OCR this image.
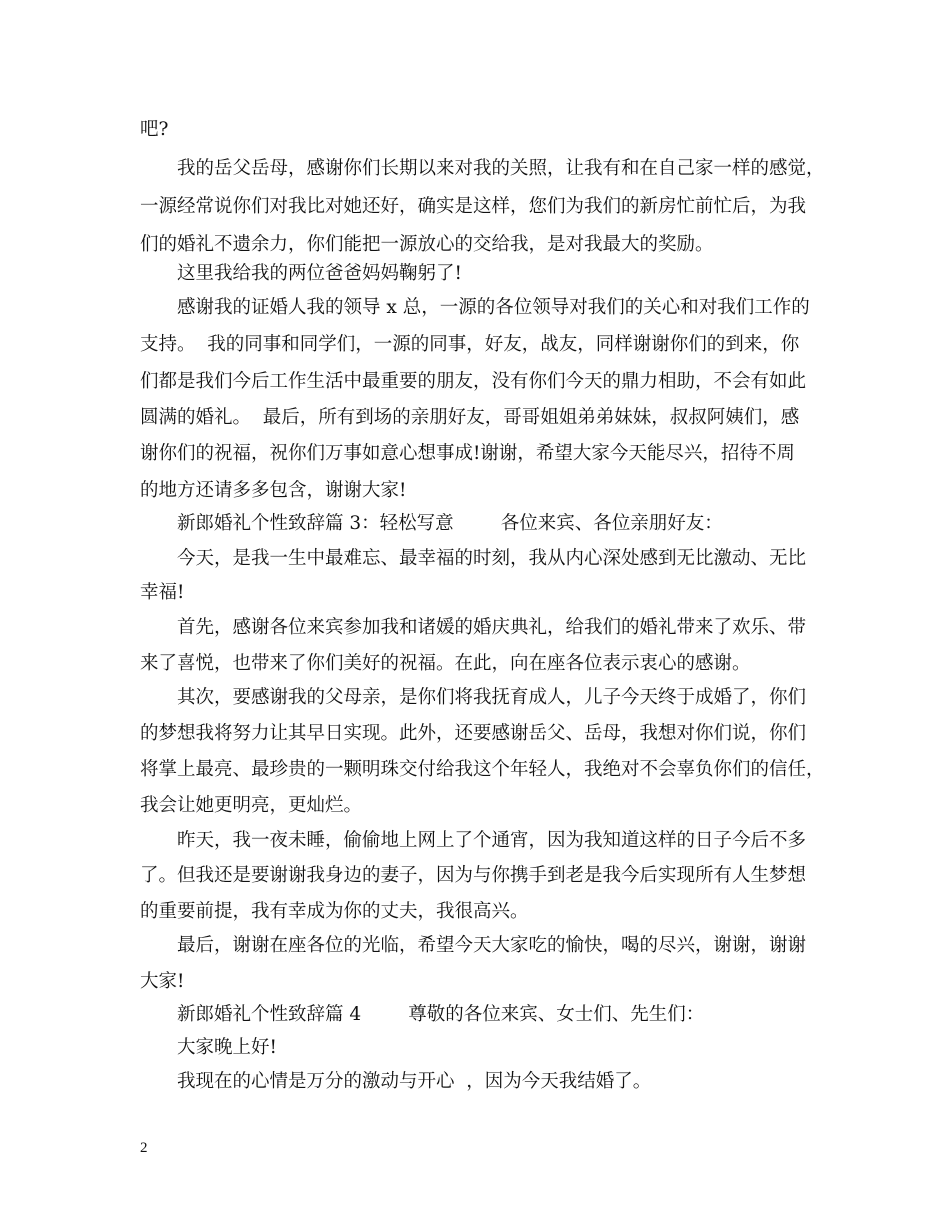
吧?
我的岳父岳母，感谢你们长期以来对我的关照，让我有和在自己家一样的感觉，
一源经常说你们对我比对她还好，确实是这样，您们为我们的新房忙前忙后，为我
们的婚礼不遗余力，你们能把一源放心的交给我，是对我最大的奖励。
这里我给我的两位爸爸妈妈鞠躬了!
感谢我的证婚人我的领导 x 总，一源的各位领导对我们的关心和对我们工作的
支持。  我的同事和同学们，一源的同事，好友，战友，同样谢谢你们的到来，你
们都是我们今后工作生活中最重要的朋友，没有你们今天的鼎力相助，不会有如此
圆满的婚礼。  最后，所有到场的亲朋好友，哥哥姐姐弟弟妹妹，叔叔阿姨们，感
谢你们的祝福，祝你们万事如意心想事成!谢谢，希望大家今天能尽兴，招待不周
的地方还请多多包含，谢谢大家!
新郎婚礼个性致辞篇 3：轻松写意        各位来宾、各位亲朋好友：
今天，是我一生中最难忘、最幸福的时刻，我从内心深处感到无比激动、无比
幸福!
首先，感谢各位来宾参加我和诸媛的婚庆典礼，给我们的婚礼带来了欢乐、带
来了喜悦，也带来了你们美好的祝福。在此，向在座各位表示衷心的感谢。
其次，要感谢我的父母亲，是你们将我抚育成人，儿子今天终于成婚了，你们
的梦想我将努力让其早日实现。此外，还要感谢岳父、岳母，我想对你们说，你们
将掌上最亮、最珍贵的一颗明珠交付给我这个年轻人，我绝对不会辜负你们的信任，
我会让她更明亮，更灿烂。
昨天，我一夜未睡，偷偷地上网上了个通宵，因为我知道这样的日子今后不多
了。但我还是要谢谢我身边的妻子，因为与你携手到老是我今后实现所有人生梦想
的重要前提，我有幸成为你的丈夫，我很高兴。
最后，谢谢在座各位的光临，希望今天大家吃的愉快，喝的尽兴，谢谢，谢谢
大家!
新郎婚礼个性致辞篇 4        尊敬的各位来宾、女士们、先生们：
大家晚上好!
我现在的心情是万分的激动与开心  ，因为今天我结婚了。
2
